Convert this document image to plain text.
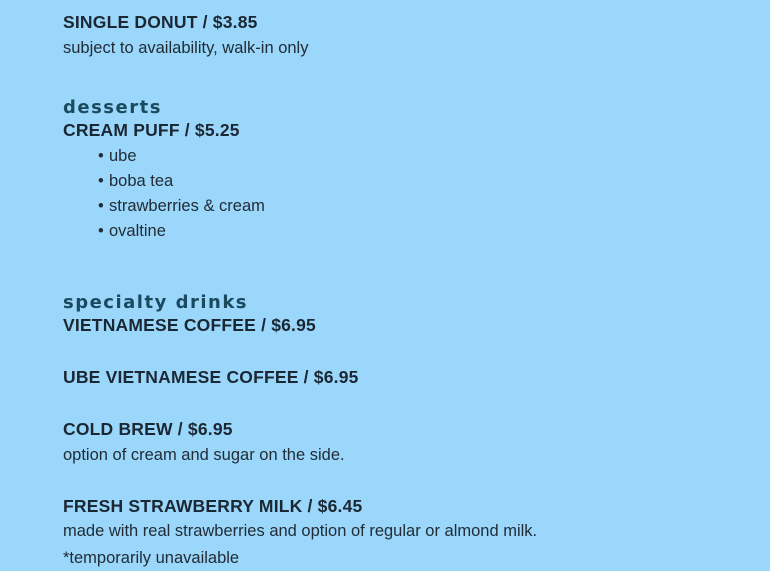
SINGLE DONUT / $3.85
subject to availability, walk-in only
desserts
CREAM PUFF / $5.25
• ube
• boba tea
• strawberries & cream
• ovaltine
specialty drinks
VIETNAMESE COFFEE / $6.95
UBE VIETNAMESE COFFEE / $6.95
COLD BREW / $6.95
option of cream and sugar on the side.
FRESH STRAWBERRY MILK / $6.45
made with real strawberries and option of regular or almond milk.
*temporarily unavailable
